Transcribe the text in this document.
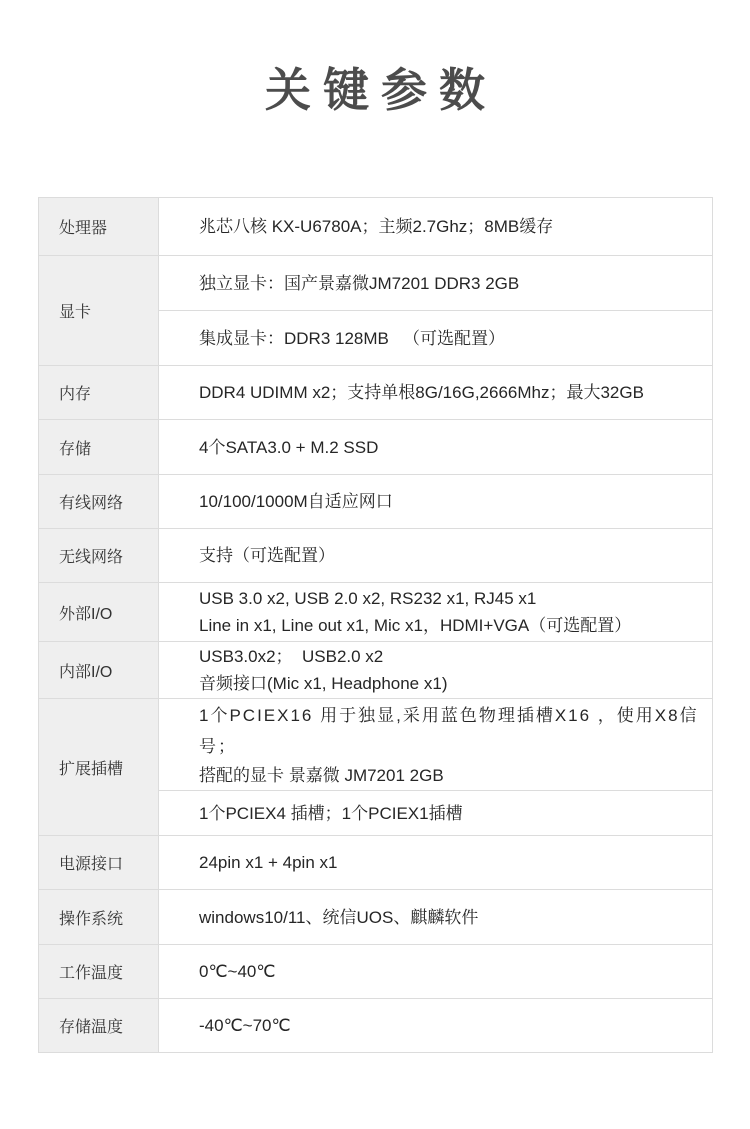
关键参数
处理器	兆芯八核 KX-U6780A；主频2.7Ghz；8MB缓存

显卡	独立显卡：国产景嘉微JM7201 DDR3 2GB

	集成显卡：DDR3 128MB   （可选配置）

内存	DDR4 UDIMM x2；支持单根8G/16G,2666Mhz；最大32GB

存储	4个SATA3.0 + M.2 SSD

有线网络	10/100/1000M自适应网口

无线网络	支持（可选配置）

外部I/O	USB 3.0 x2, USB 2.0 x2, RS232 x1, RJ45 x1
Line in x1, Line out x1, Mic x1，HDMI+VGA（可选配置）

内部I/O	USB3.0x2；  USB2.0 x2
音频接口(Mic x1, Headphone x1)

扩展插槽	1个PCIEX16 用于独显,采用蓝色物理插槽X16 ，使用X8信号；
搭配的显卡 景嘉微 JM7201 2GB

	1个PCIEX4 插槽；1个PCIEX1插槽

电源接口	24pin x1 + 4pin x1

操作系统	windows10/11、统信UOS、麒麟软件

工作温度	0℃~40℃

存储温度	-40℃~70℃
